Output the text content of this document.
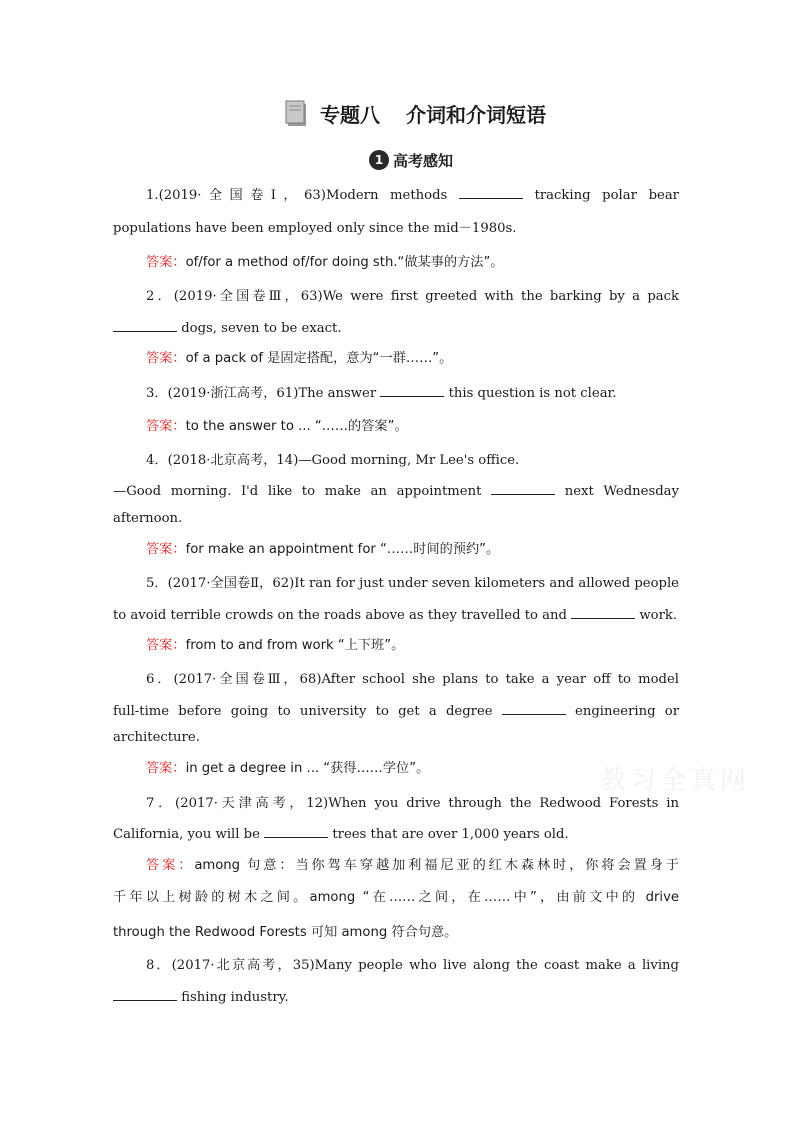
专题八 介词和介词短语
1 高考感知
1.(2019·全国卷Ⅰ，63)Modern methods	tracking polar bear
populations have been employed only since the mid－1980s.
答案：of/for a method of/for doing sth.“做某事的方法”。
2．(2019·全国卷Ⅲ，63)We were first greeted with the barking by a pack
dogs, seven to be exact.
答案：of a pack of 是固定搭配，意为“一群……”。
3．(2019·浙江高考，61)The answer	this question is not clear.
答案：to the answer to ... “……的答案”。
4．(2018·北京高考，14)—Good morning, Mr Lee's office.
—Good morning. I'd like to make an appointment	next Wednesday
afternoon.
答案：for make an appointment for “……时间的预约”。
5．(2017·全国卷Ⅱ，62)It ran for just under seven kilometers and allowed people
to avoid terrible crowds on the roads above as they travelled to and	work.
答案：from to and from work “上下班”。
6．(2017·全国卷Ⅲ，68)After school she plans to take a year off to model
full-time before going to university to get a degree	engineering or
architecture.
答案：in get a degree in ... “获得……学位”。
7．(2017·天津高考，12)When you drive through the Redwood Forests in
California, you will be	trees that are over 1,000 years old.
答案：among 句意：当你驾车穿越加利福尼亚的红木森林时，你将会置身于
千年以上树龄的树木之间。among “在……之间，在……中”，由前文中的 drive
through the Redwood Forests 可知 among 符合句意。
8．(2017·北京高考，35)Many people who live along the coast make a living
fishing industry.
教习全真网
